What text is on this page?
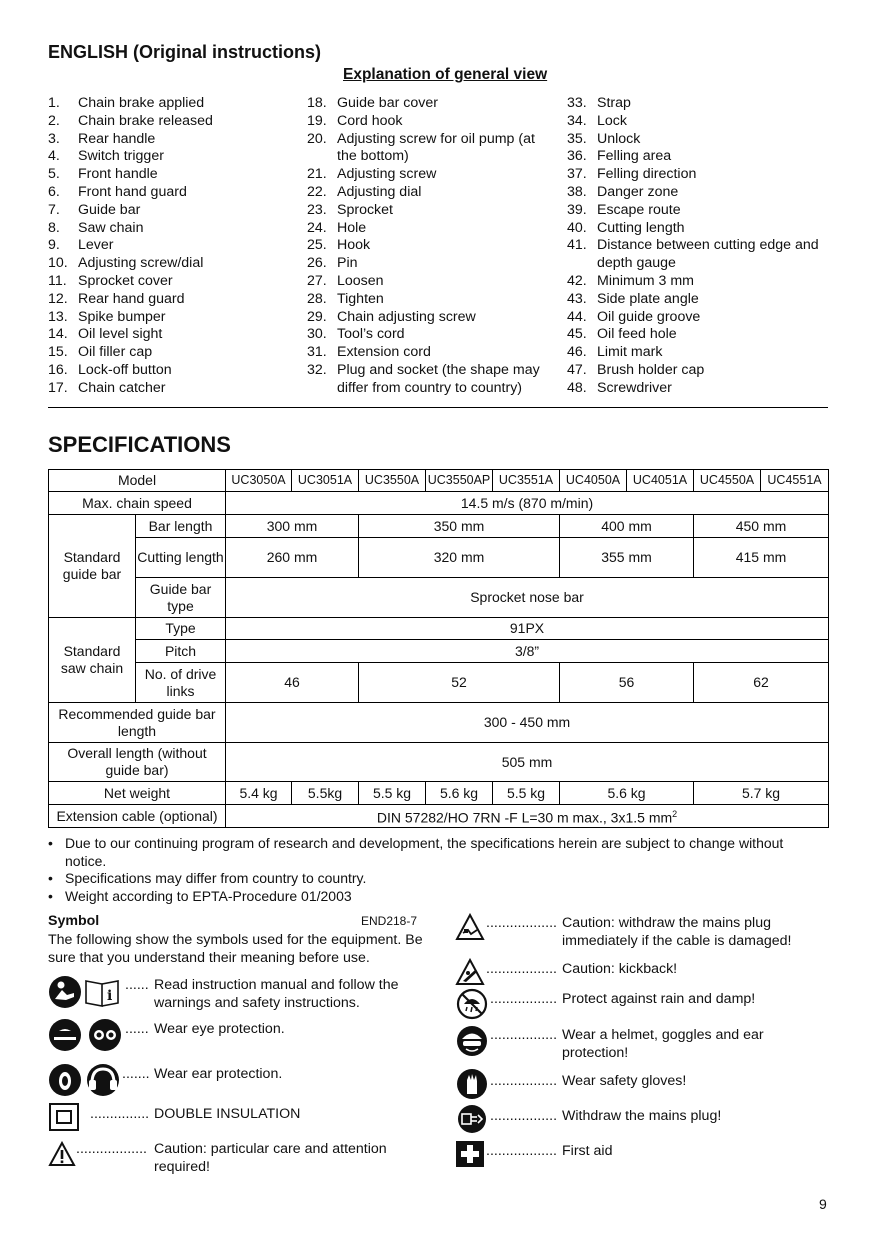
ENGLISH (Original instructions)
Explanation of general view
1.	Chain brake applied
2.	Chain brake released
3.	Rear handle
4.	Switch trigger
5.	Front handle
6.	Front hand guard
7.	Guide bar
8.	Saw chain
9.	Lever
10. Adjusting screw/dial
11. Sprocket cover
12. Rear hand guard
13. Spike bumper
14. Oil level sight
15. Oil filler cap
16. Lock-off button
17. Chain catcher
18. Guide bar cover
19. Cord hook
20. Adjusting screw for oil pump (at the bottom)
21. Adjusting screw
22. Adjusting dial
23. Sprocket
24. Hole
25. Hook
26. Pin
27. Loosen
28. Tighten
29. Chain adjusting screw
30. Tool’s cord
31. Extension cord
32. Plug and socket (the shape may differ from country to country)
33. Strap
34. Lock
35. Unlock
36. Felling area
37. Felling direction
38. Danger zone
39. Escape route
40. Cutting length
41. Distance between cutting edge and depth gauge
42. Minimum 3 mm
43. Side plate angle
44. Oil guide groove
45. Oil feed hole
46. Limit mark
47. Brush holder cap
48. Screwdriver
SPECIFICATIONS
Model		UC3050A	UC3051A	UC3550A	UC3550AP	UC3551A	UC4050A	UC4051A	UC4550A	UC4551A
Max. chain speed		14.5 m/s (870 m/min)								
Standard guide bar	Bar length	300 mm		350 mm			400 mm		450 mm	
	Cutting length	260 mm		320 mm			355 mm		415 mm	
	Guide bar type	Sprocket nose bar								
Standard saw chain	Type	91PX								
	Pitch	3/8”								
	No. of drive links	46		52			56		62	
Recommended guide bar length		300 - 450 mm								
Overall length (without guide bar)		505 mm								
Net weight		5.4 kg	5.5kg	5.5 kg	5.6 kg	5.5 kg	5.6 kg		5.7 kg	
Extension cable (optional)		DIN 57282/HO 7RN -F L=30 m max., 3x1.5 $mm^2$
• Due to our continuing program of research and development, the specifications herein are subject to change without notice.
• Specifications may differ from country to country.
• Weight according to EPTA-Procedure 01/2003
Symbol	END218-7
The following show the symbols used for the equipment. Be sure that you understand their meaning before use.
i
...... Read instruction manual and follow the warnings and safety instructions.
...... Wear eye protection.
....... Wear ear protection.
............... DOUBLE INSULATION
.................. Caution: particular care and attention required!
.................. Caution: withdraw the mains plug immediately if the cable is damaged!
.................. Caution: kickback!
................. Protect against rain and damp!
................. Wear a helmet, goggles and ear protection!
................. Wear safety gloves!
................. Withdraw the mains plug!
.................. First aid
9
